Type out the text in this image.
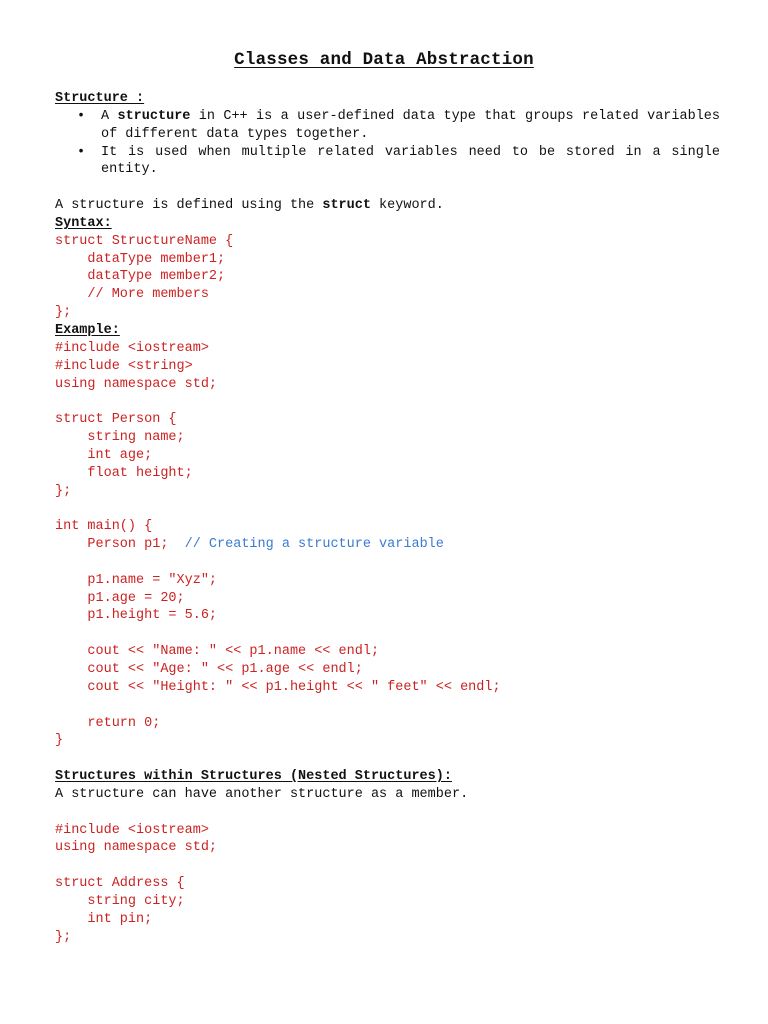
Classes and Data Abstraction
Structure :
• A structure in C++ is a user-defined data type that groups related variables of different data types together.
• It is used when multiple related variables need to be stored in a single entity.
A structure is defined using the struct keyword.
Syntax:
struct StructureName {
dataType member1;
dataType member2;
// More members
};
Example:
#include <iostream>
#include <string>
using namespace std;
struct Person {
string name;
int age;
float height;
};
int main() {
Person p1;  // Creating a structure variable
p1.name = "Xyz";
p1.age = 20;
p1.height = 5.6;
cout << "Name: " << p1.name << endl;
cout << "Age: " << p1.age << endl;
cout << "Height: " << p1.height << " feet" << endl;
return 0;
}
Structures within Structures (Nested Structures):
A structure can have another structure as a member.
#include <iostream>
using namespace std;
struct Address {
string city;
int pin;
};
